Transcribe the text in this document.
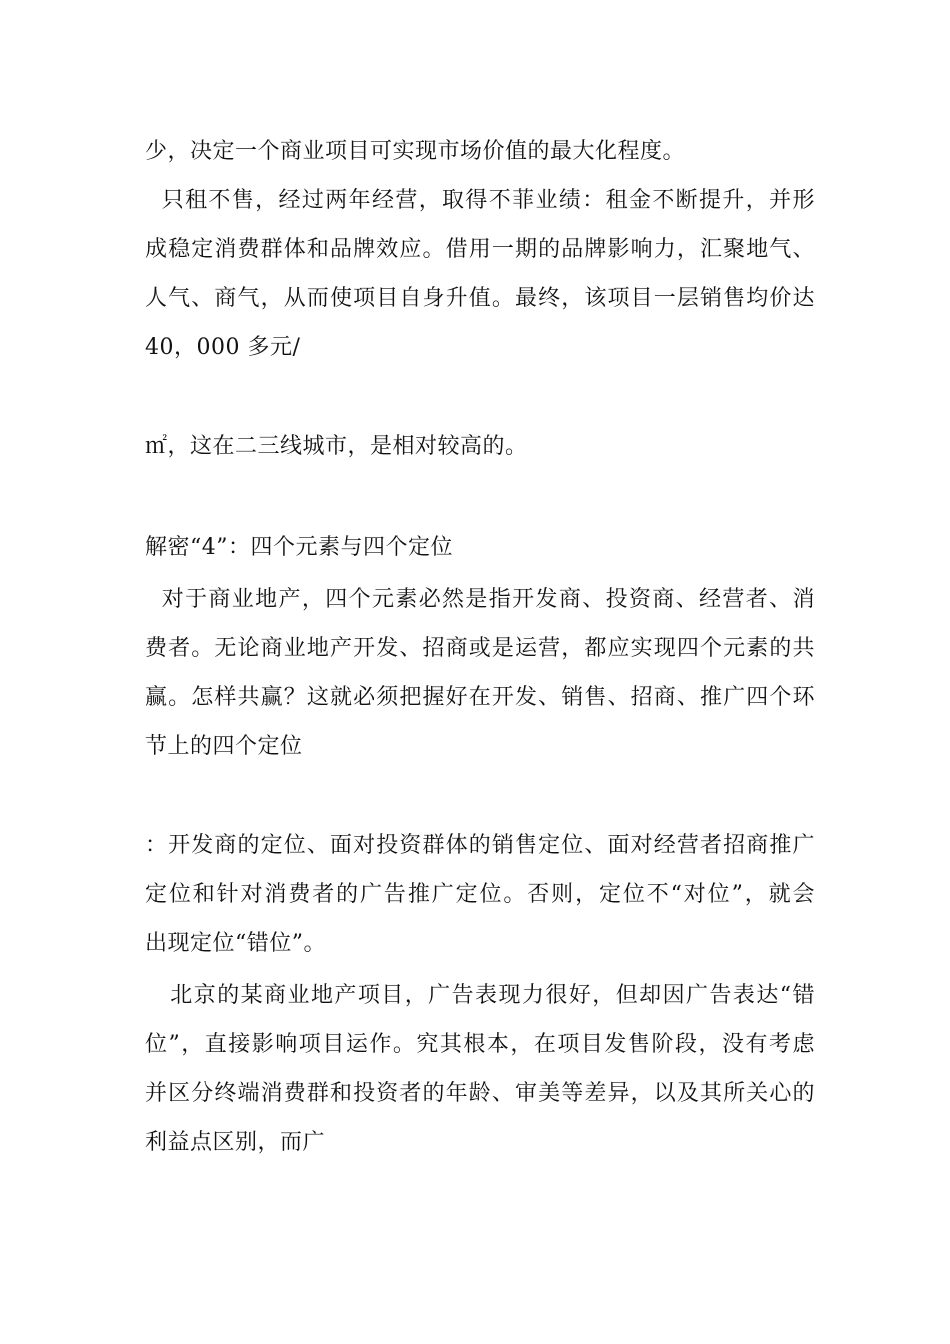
少，决定一个商业项目可实现市场价值的最大化程度。
只租不售，经过两年经营，取得不菲业绩：租金不断提升，并形
成稳定消费群体和品牌效应。借用一期的品牌影响力，汇聚地气、
人气、商气，从而使项目自身升值。最终，该项目一层销售均价达
40，000 多元/
㎡，这在二三线城市，是相对较高的。
解密“4”：四个元素与四个定位
对于商业地产，四个元素必然是指开发商、投资商、经营者、消
费者。无论商业地产开发、招商或是运营，都应实现四个元素的共
赢。怎样共赢？这就必须把握好在开发、销售、招商、推广四个环
节上的四个定位
：开发商的定位、面对投资群体的销售定位、面对经营者招商推广
定位和针对消费者的广告推广定位。否则，定位不“对位”，就会
出现定位“错位”。
北京的某商业地产项目，广告表现力很好，但却因广告表达“错
位”，直接影响项目运作。究其根本，在项目发售阶段，没有考虑
并区分终端消费群和投资者的年龄、审美等差异，以及其所关心的
利益点区别，而广
